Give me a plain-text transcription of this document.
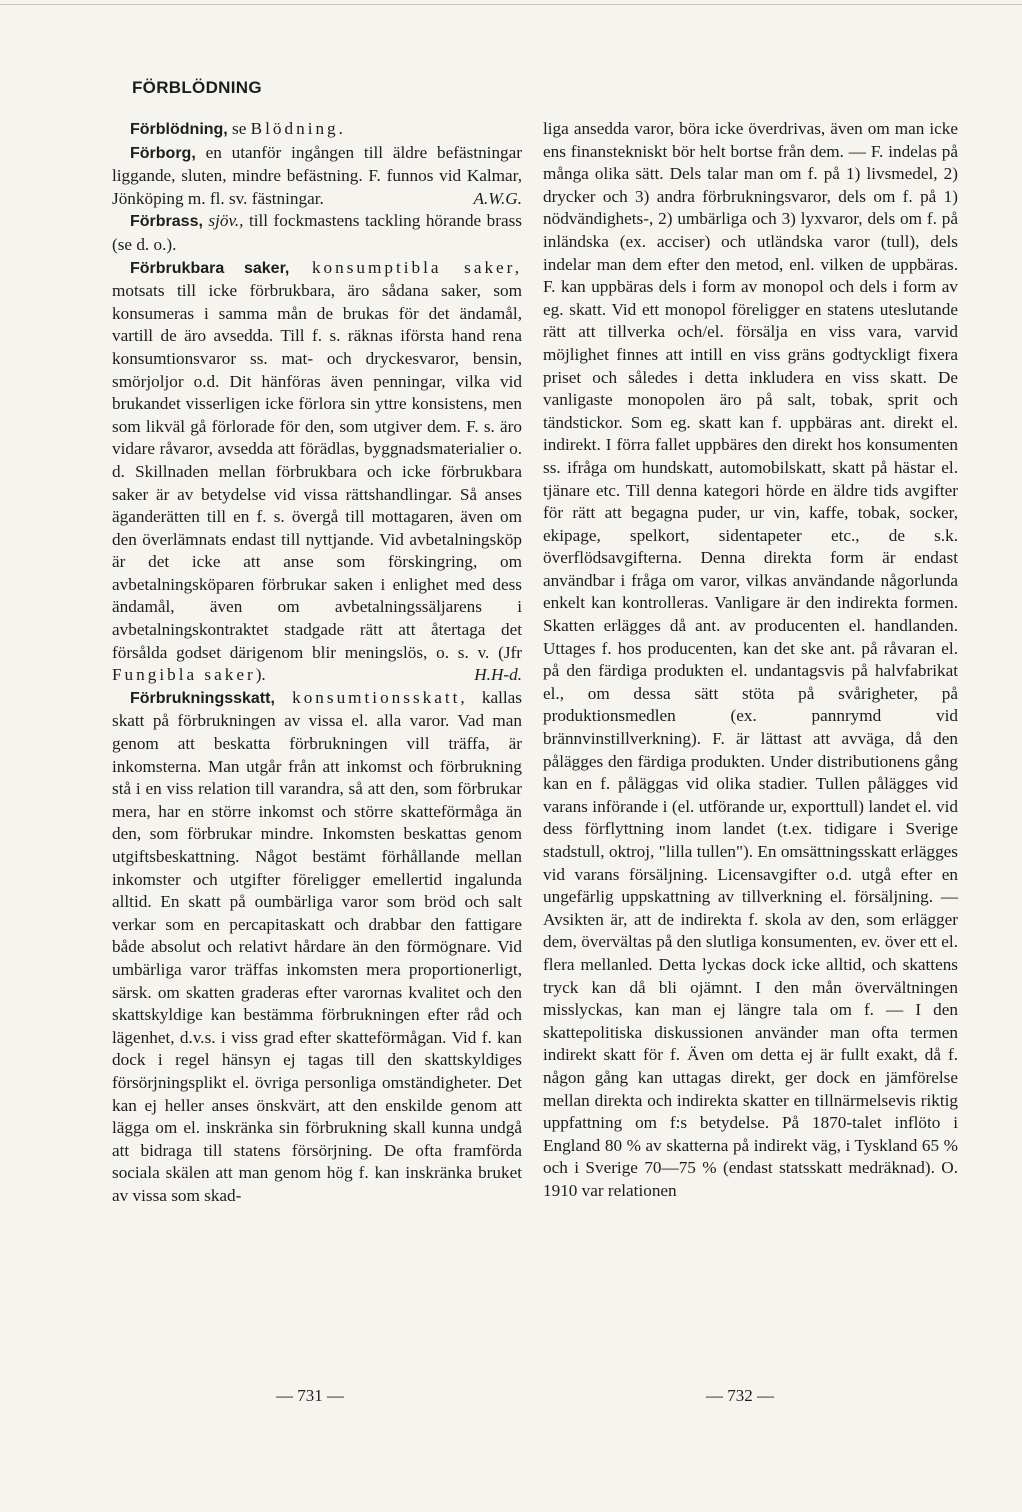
FÖRBLÖDNING

Förblödning, se Blödning.

Förborg, en utanför ingången till äldre befästningar liggande, sluten, mindre befästning. F. funnos vid Kalmar, Jönköping m. fl. sv. fästningar.	A.W.G.

Förbrass, sjöv., till fockmastens tackling hörande brass (se d. o.).

Förbrukbara saker, konsumptibla saker, motsats till icke förbrukbara, äro sådana saker, som konsumeras i samma mån de brukas för det ändamål, vartill de äro avsedda. Till f. s. räknas iförsta hand rena konsumtionsvaror ss. mat- och dryckesvaror, bensin, smörjoljor o.d. Dit hänföras även penningar, vilka vid brukandet visserligen icke förlora sin yttre konsistens, men som likväl gå förlorade för den, som utgiver dem. F. s. äro vidare råvaror, avsedda att förädlas, byggnadsmaterialier o. d. Skillnaden mellan förbrukbara och icke förbrukbara saker är av betydelse vid vissa rättshandlingar. Så anses äganderätten till en f. s. övergå till mottagaren, även om den överlämnats endast till nyttjande. Vid avbetalningsköp är det icke att anse som förskingring, om avbetalningsköparen förbrukar saken i enlighet med dess ändamål, även om avbetalningssäljarens i avbetalningskontraktet stadgade rätt att återtaga det försålda godset därigenom blir meningslös, o. s. v. (Jfr Fungibla saker).	H.H-d.

Förbrukningsskatt, konsumtionsskatt, kallas skatt på förbrukningen av vissa el. alla varor. Vad man genom att beskatta förbrukningen vill träffa, är inkomsterna. Man utgår från att inkomst och förbrukning stå i en viss relation till varandra, så att den, som förbrukar mera, har en större inkomst och större skatteförmåga än den, som förbrukar mindre. Inkomsten beskattas genom utgiftsbeskattning. Något bestämt förhållande mellan inkomster och utgifter föreligger emellertid ingalunda alltid. En skatt på oumbärliga varor som bröd och salt verkar som en percapitaskatt och drabbar den fattigare både absolut och relativt hårdare än den förmögnare. Vid umbärliga varor träffas inkomsten mera proportionerligt, särsk. om skatten graderas efter varornas kvalitet och den skattskyldige kan bestämma förbrukningen efter råd och lägenhet, d.v.s. i viss grad efter skatteförmågan. Vid f. kan dock i regel hänsyn ej tagas till den skattskyldiges försörjningsplikt el. övriga personliga omständigheter. Det kan ej heller anses önskvärt, att den enskilde genom att lägga om el. inskränka sin förbrukning skall kunna undgå att bidraga till statens försörjning. De ofta framförda sociala skälen att man genom hög f. kan inskränka bruket av vissa som skad-

liga ansedda varor, böra icke överdrivas, även om man icke ens finanstekniskt bör helt bortse från dem. — F. indelas på många olika sätt. Dels talar man om f. på 1) livsmedel, 2) drycker och 3) andra förbrukningsvaror, dels om f. på 1) nödvändighets-, 2) umbärliga och 3) lyxvaror, dels om f. på inländska (ex. acciser) och utländska varor (tull), dels indelar man dem efter den metod, enl. vilken de uppbäras. F. kan uppbäras dels i form av monopol och dels i form av eg. skatt. Vid ett monopol föreligger en statens uteslutande rätt att tillverka och/el. försälja en viss vara, varvid möjlighet finnes att intill en viss gräns godtyckligt fixera priset och således i detta inkludera en viss skatt. De vanligaste monopolen äro på salt, tobak, sprit och tändstickor. Som eg. skatt kan f. uppbäras ant. direkt el. indirekt. I förra fallet uppbäres den direkt hos konsumenten ss. ifråga om hundskatt, automobilskatt, skatt på hästar el. tjänare etc. Till denna kategori hörde en äldre tids avgifter för rätt att begagna puder, ur vin, kaffe, tobak, socker, ekipage, spelkort, sidentapeter etc., de s.k. överflödsavgifterna. Denna direkta form är endast användbar i fråga om varor, vilkas användande någorlunda enkelt kan kontrolleras. Vanligare är den indirekta formen. Skatten erlägges då ant. av producenten el. handlanden. Uttages f. hos producenten, kan det ske ant. på råvaran el. på den färdiga produkten el. undantagsvis på halvfabrikat el., om dessa sätt stöta på svårigheter, på produktionsmedlen (ex. pannrymd vid brännvinstillverkning). F. är lättast att avväga, då den pålägges den färdiga produkten. Under distributionens gång kan en f. påläggas vid olika stadier. Tullen pålägges vid varans införande i (el. utförande ur, exporttull) landet el. vid dess förflyttning inom landet (t.ex. tidigare i Sverige stadstull, oktroj, "lilla tullen"). En omsättningsskatt erlägges vid varans försäljning. Licensavgifter o.d. utgå efter en ungefärlig uppskattning av tillverkning el. försäljning. — Avsikten är, att de indirekta f. skola av den, som erlägger dem, övervältas på den slutliga konsumenten, ev. över ett el. flera mellanled. Detta lyckas dock icke alltid, och skattens tryck kan då bli ojämnt. I den mån övervältningen misslyckas, kan man ej längre tala om f. — I den skattepolitiska diskussionen använder man ofta termen indirekt skatt för f. Även om detta ej är fullt exakt, då f. någon gång kan uttagas direkt, ger dock en jämförelse mellan direkta och indirekta skatter en tillnärmelsevis riktig uppfattning om f:s betydelse. På 1870-talet inflöto i England 80 % av skatterna på indirekt väg, i Tyskland 65 % och i Sverige 70—75 % (endast statsskatt medräknad). O. 1910 var relationen

— 731 —	— 732 —
